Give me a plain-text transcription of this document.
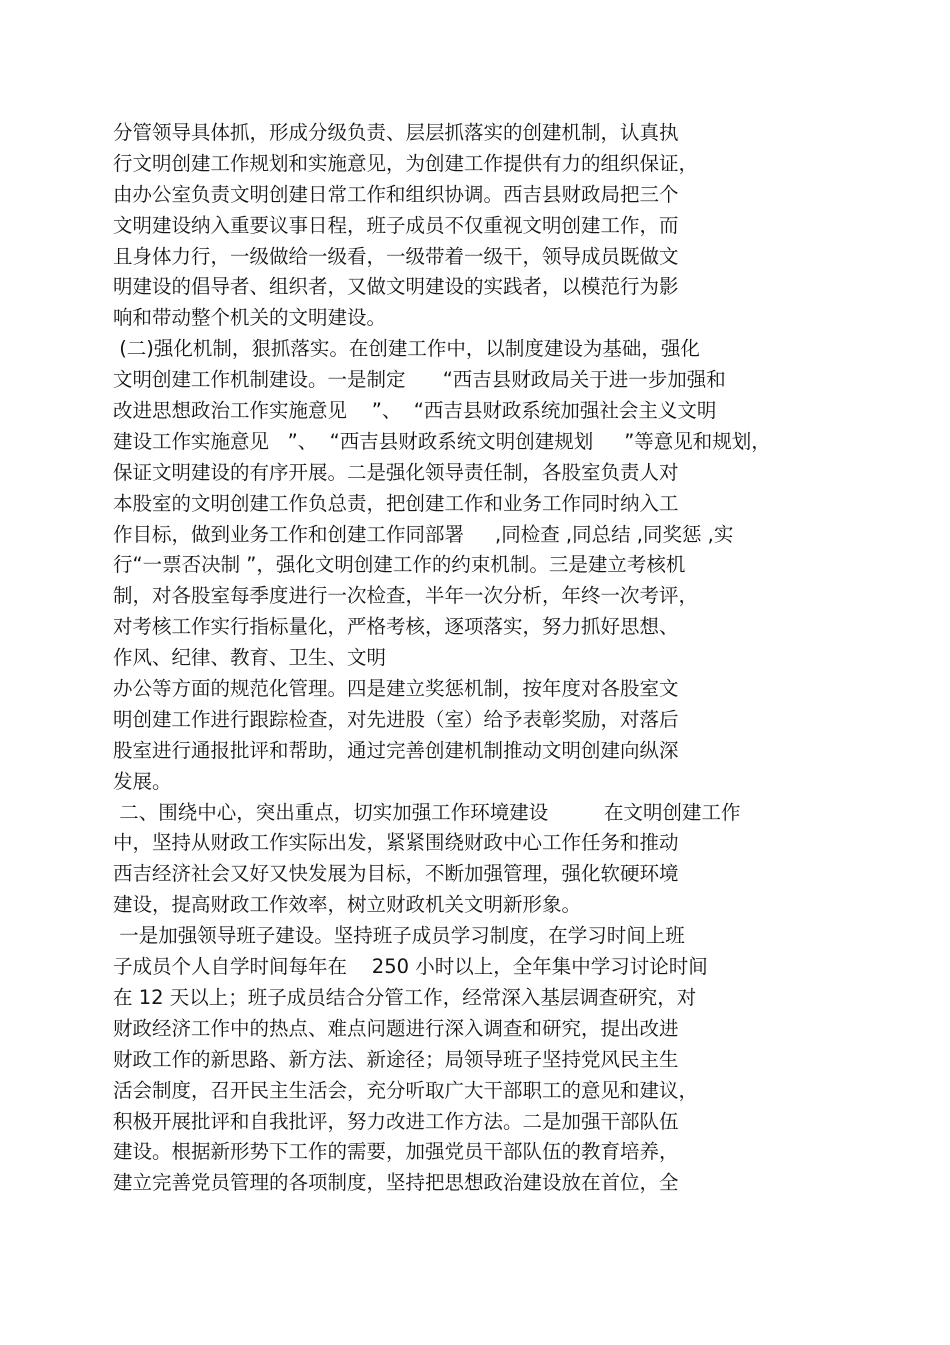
分管领导具体抓，形成分级负责、层层抓落实的创建机制，认真执
行文明创建工作规划和实施意见，为创建工作提供有力的组织保证，
由办公室负责文明创建日常工作和组织协调。西吉县财政局把三个
文明建设纳入重要议事日程，班子成员不仅重视文明创建工作，而
且身体力行，一级做给一级看，一级带着一级干，领导成员既做文
明建设的倡导者、组织者，又做文明建设的实践者，以模范行为影
响和带动整个机关的文明建设。
(二)强化机制，狠抓落实。在创建工作中，以制度建设为基础，强化
文明创建工作机制建设。一是制定      “西吉县财政局关于进一步加强和
改进思想政治工作实施意见    ”、  “西吉县财政系统加强社会主义文明
建设工作实施意见   ”、  “西吉县财政系统文明创建规划     ”等意见和规划，
保证文明建设的有序开展。二是强化领导责任制，各股室负责人对
本股室的文明创建工作负总责，把创建工作和业务工作同时纳入工
作目标，做到业务工作和创建工作同部署     ,同检查 ,同总结 ,同奖惩 ,实
行“一票否决制 ”，强化文明创建工作的约束机制。三是建立考核机
制，对各股室每季度进行一次检查，半年一次分析，年终一次考评，
对考核工作实行指标量化，严格考核，逐项落实，努力抓好思想、
作风、纪律、教育、卫生、文明
办公等方面的规范化管理。四是建立奖惩机制，按年度对各股室文
明创建工作进行跟踪检查，对先进股（室）给予表彰奖励，对落后
股室进行通报批评和帮助，通过完善创建机制推动文明创建向纵深
发展。
二、围绕中心，突出重点，切实加强工作环境建设         在文明创建工作
中，坚持从财政工作实际出发，紧紧围绕财政中心工作任务和推动
西吉经济社会又好又快发展为目标，不断加强管理，强化软硬环境
建设，提高财政工作效率，树立财政机关文明新形象。
一是加强领导班子建设。坚持班子成员学习制度，在学习时间上班
子成员个人自学时间每年在    250 小时以上，全年集中学习讨论时间
在 12 天以上；班子成员结合分管工作，经常深入基层调查研究，对
财政经济工作中的热点、难点问题进行深入调查和研究，提出改进
财政工作的新思路、新方法、新途径；局领导班子坚持党风民主生
活会制度，召开民主生活会，充分听取广大干部职工的意见和建议，
积极开展批评和自我批评，努力改进工作方法。二是加强干部队伍
建设。根据新形势下工作的需要，加强党员干部队伍的教育培养，
建立完善党员管理的各项制度，坚持把思想政治建设放在首位，全
